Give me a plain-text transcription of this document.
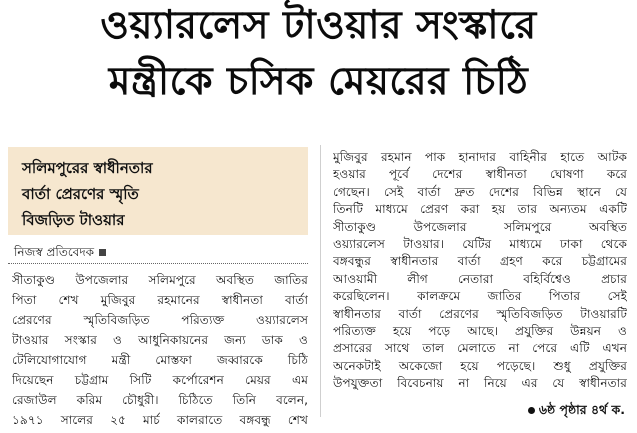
ওয়্যারলেস টাওয়ার সংস্কারে
মন্ত্রীকে চসিক মেয়রের চিঠি
সলিমপুরের স্বাধীনতার
বার্তা প্রেরণের স্মৃতি
বিজড়িত টাওয়ার
নিজস্ব প্রতিবেদক
সীতাকুণ্ড উপজেলার সলিমপুরে অবস্থিত জাতির
পিতা শেখ মুজিবুর রহমানের স্বাধীনতা বার্তা
প্রেরণের স্মৃতিবিজড়িত পরিত্যক্ত ওয়্যারলেস
টাওয়ার সংস্কার ও আধুনিকায়নের জন্য ডাক ও
টেলিযোগাযোগ মন্ত্রী মোস্তফা জব্বারকে চিঠি
দিয়েছেন চট্টগ্রাম সিটি কর্পোরেশন মেয়র এম
রেজাউল করিম চৌধুরী। চিঠিতে তিনি বলেন,
১৯৭১ সালের ২৫ মার্চ কালরাতে বঙ্গবন্ধু শেখ
মুজিবুর রহমান পাক হানাদার বাহিনীর হাতে আটক
হওয়ার পূর্বে দেশের স্বাধীনতা ঘোষণা করে
গেছেন। সেই বার্তা দ্রুত দেশের বিভিন্ন স্থানে যে
তিনটি মাধ্যমে প্রেরণ করা হয় তার অন্যতম একটি
সীতাকুণ্ড উপজেলার সলিমপুরে অবস্থিত
ওয়্যারলেস টাওয়ার। যেটির মাধ্যমে ঢাকা থেকে
বঙ্গবন্ধুর স্বাধীনতার বার্তা গ্রহণ করে চট্টগ্রামের
আওয়ামী লীগ নেতারা বহির্বিশ্বেও প্রচার
করেছিলেন। কালক্রমে জাতির পিতার সেই
স্বাধীনতার বার্তা প্রেরণের স্মৃতিবিজড়িত টাওয়ারটি
পরিত্যক্ত হয়ে পড়ে আছে। প্রযুক্তির উন্নয়ন ও
প্রসারের সাথে তাল মেলাতে না পেরে এটি এখন
অনেকটাই অকেজো হয়ে পড়েছে। শুধু প্রযুক্তির
উপযুক্ততা বিবেচনায় না নিয়ে এর যে স্বাধীনতার
৬ষ্ঠ পৃষ্ঠার ৪র্থ ক.
